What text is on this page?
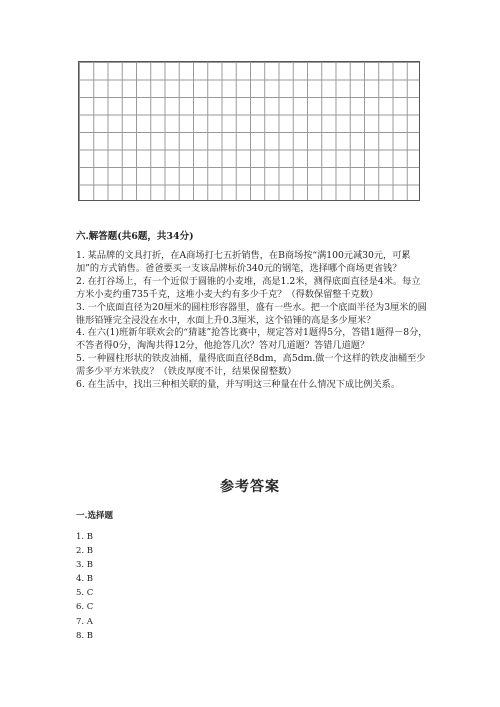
六.解答题(共6题，共34分)
1. 某品牌的文具打折，在A商场打七五折销售，在B商场按“满100元减30元，可累加”的方式销售。爸爸要买一支该品牌标价340元的钢笔，选择哪个商场更省钱？
2. 在打谷场上，有一个近似于圆锥的小麦堆，高是1.2米，测得底面直径是4米。每立方米小麦约重735千克，这堆小麦大约有多少千克？（得数保留整千克数）
3. 一个底面直径为20厘米的圆柱形容器里，盛有一些水。把一个底面半径为3厘米的圆锥形铅锤完全浸没在水中，水面上升0.3厘米，这个铅锤的高是多少厘米？
4. 在六(1)班新年联欢会的“猜谜”抢答比赛中，规定答对1题得5分，答错1题得－8分，不答者得0分，淘淘共得12分，他抢答几次？答对几道题？答错几道题？
5. 一种圆柱形状的铁皮油桶，量得底面直径8dm，高5dm.做一个这样的铁皮油桶至少需多少平方米铁皮？（铁皮厚度不计，结果保留整数）
6. 在生活中，找出三种相关联的量，并写明这三种量在什么情况下成比例关系。
参考答案
一.选择题
1. B
2. B
3. B
4. B
5. C
6. C
7. A
8. B
